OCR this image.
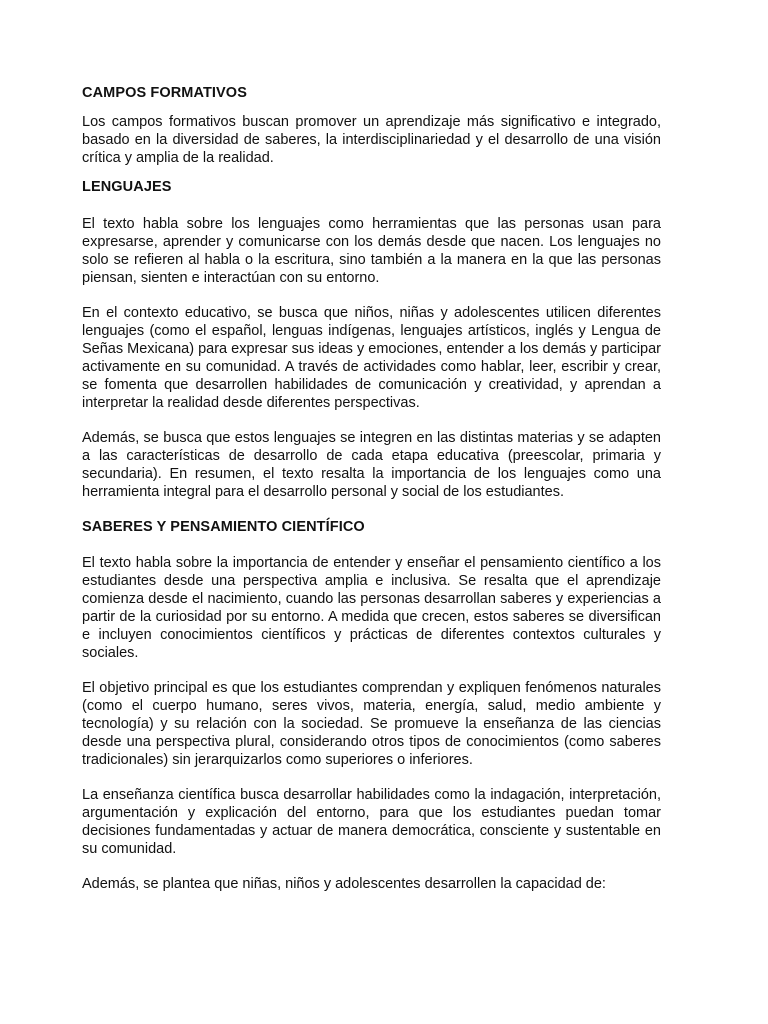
CAMPOS FORMATIVOS

Los campos formativos buscan promover un aprendizaje más significativo e integrado, basado en la diversidad de saberes, la interdisciplinariedad y el desarrollo de una visión crítica y amplia de la realidad.

LENGUAJES

El texto habla sobre los lenguajes como herramientas que las personas usan para expresarse, aprender y comunicarse con los demás desde que nacen. Los lenguajes no solo se refieren al habla o la escritura, sino también a la manera en la que las personas piensan, sienten e interactúan con su entorno.

En el contexto educativo, se busca que niños, niñas y adolescentes utilicen diferentes lenguajes (como el español, lenguas indígenas, lenguajes artísticos, inglés y Lengua de Señas Mexicana) para expresar sus ideas y emociones, entender a los demás y participar activamente en su comunidad. A través de actividades como hablar, leer, escribir y crear, se fomenta que desarrollen habilidades de comunicación y creatividad, y aprendan a interpretar la realidad desde diferentes perspectivas.

Además, se busca que estos lenguajes se integren en las distintas materias y se adapten a las características de desarrollo de cada etapa educativa (preescolar, primaria y secundaria). En resumen, el texto resalta la importancia de los lenguajes como una herramienta integral para el desarrollo personal y social de los estudiantes.

SABERES Y PENSAMIENTO CIENTÍFICO

El texto habla sobre la importancia de entender y enseñar el pensamiento científico a los estudiantes desde una perspectiva amplia e inclusiva. Se resalta que el aprendizaje comienza desde el nacimiento, cuando las personas desarrollan saberes y experiencias a partir de la curiosidad por su entorno. A medida que crecen, estos saberes se diversifican e incluyen conocimientos científicos y prácticas de diferentes contextos culturales y sociales.

El objetivo principal es que los estudiantes comprendan y expliquen fenómenos naturales (como el cuerpo humano, seres vivos, materia, energía, salud, medio ambiente y tecnología) y su relación con la sociedad. Se promueve la enseñanza de las ciencias desde una perspectiva plural, considerando otros tipos de conocimientos (como saberes tradicionales) sin jerarquizarlos como superiores o inferiores.

La enseñanza científica busca desarrollar habilidades como la indagación, interpretación, argumentación y explicación del entorno, para que los estudiantes puedan tomar decisiones fundamentadas y actuar de manera democrática, consciente y sustentable en su comunidad.

Además, se plantea que niñas, niños y adolescentes desarrollen la capacidad de:
